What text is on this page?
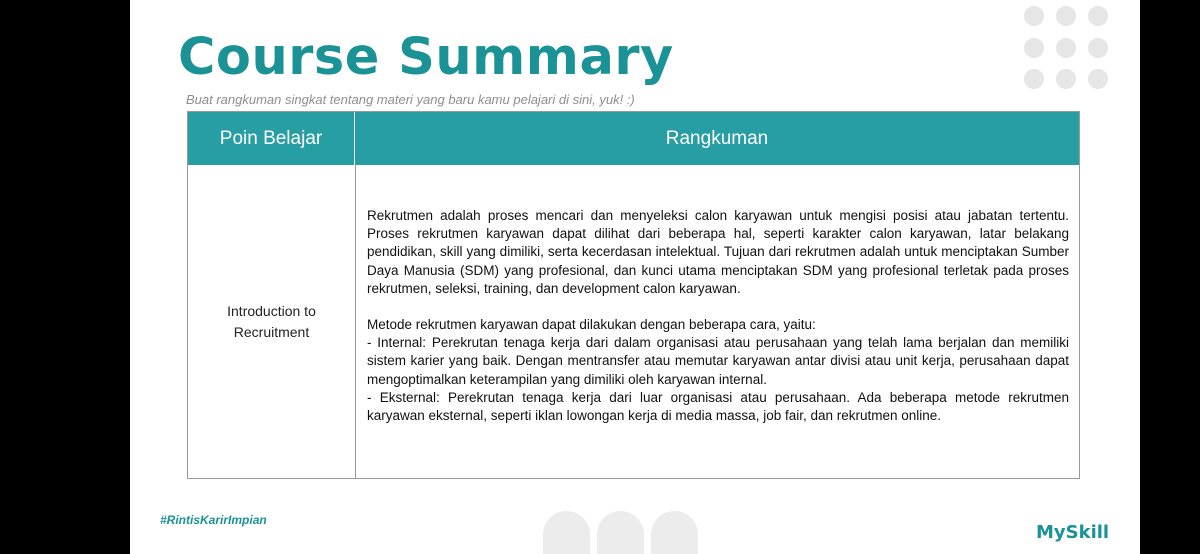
Course Summary
Buat rangkuman singkat tentang materi yang baru kamu pelajari di sini, yuk! :)
Poin Belajar	Rangkuman
Introduction to Recruitment

Rekrutmen adalah proses mencari dan menyeleksi calon karyawan untuk mengisi posisi atau jabatan tertentu. Proses rekrutmen karyawan dapat dilihat dari beberapa hal, seperti karakter calon karyawan, latar belakang pendidikan, skill yang dimiliki, serta kecerdasan intelektual. Tujuan dari rekrutmen adalah untuk menciptakan Sumber Daya Manusia (SDM) yang profesional, dan kunci utama menciptakan SDM yang profesional terletak pada proses rekrutmen, seleksi, training, dan development calon karyawan.

Metode rekrutmen karyawan dapat dilakukan dengan beberapa cara, yaitu:

- Internal: Perekrutan tenaga kerja dari dalam organisasi atau perusahaan yang telah lama berjalan dan memiliki sistem karier yang baik. Dengan mentransfer atau memutar karyawan antar divisi atau unit kerja, perusahaan dapat mengoptimalkan keterampilan yang dimiliki oleh karyawan internal.

- Eksternal: Perekrutan tenaga kerja dari luar organisasi atau perusahaan. Ada beberapa metode rekrutmen karyawan eksternal, seperti iklan lowongan kerja di media massa, job fair, dan rekrutmen online.

#RintisKarirImpian
MySkill
